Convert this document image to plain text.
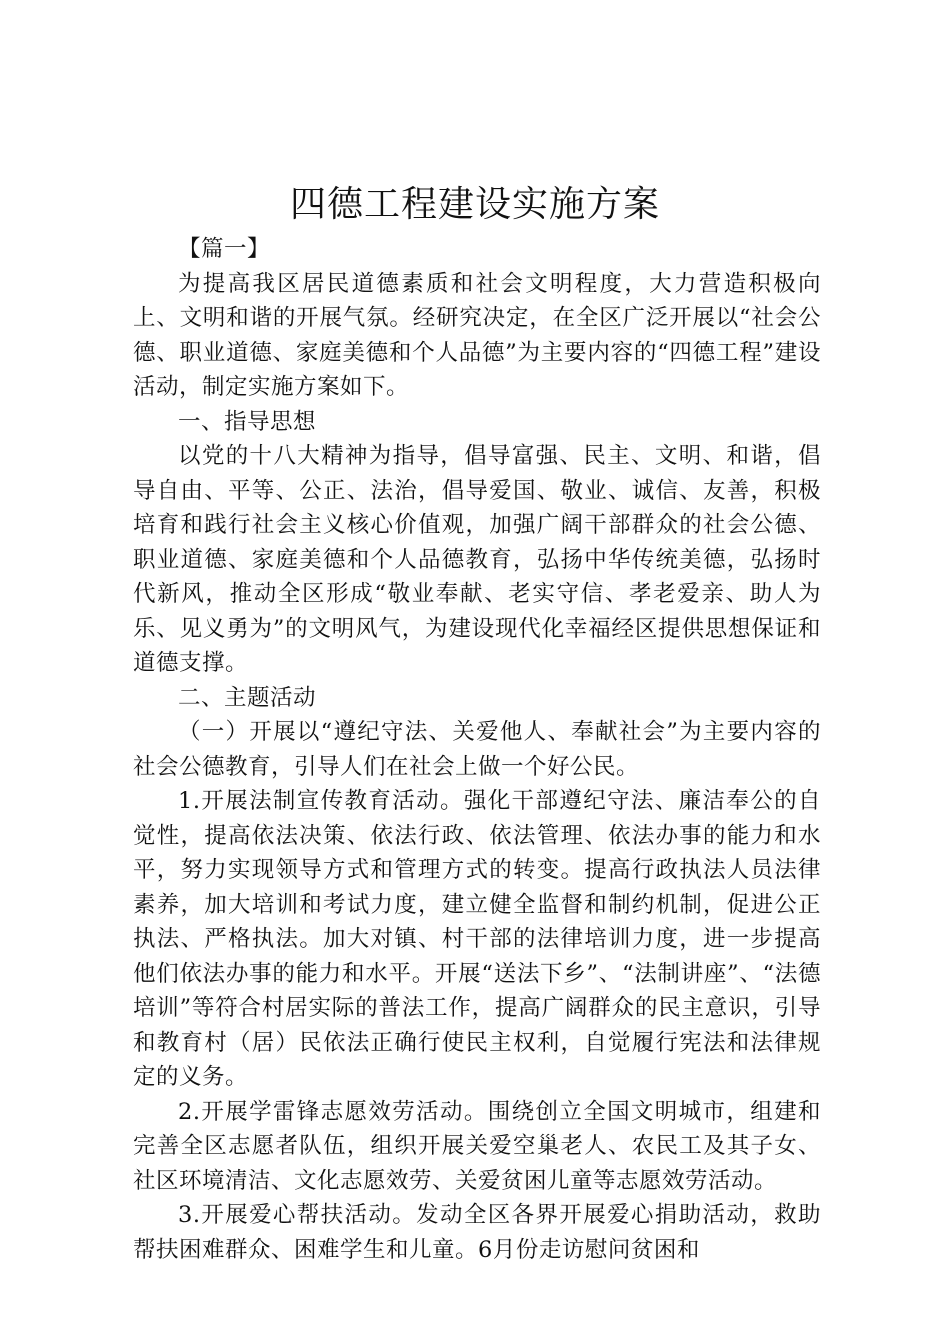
四德工程建设实施方案

【篇一】

为提高我区居民道德素质和社会文明程度，大力营造积极向上、文明和谐的开展气氛。经研究决定，在全区广泛开展以“社会公德、职业道德、家庭美德和个人品德”为主要内容的“四德工程”建设活动，制定实施方案如下。

一、指导思想

以党的十八大精神为指导，倡导富强、民主、文明、和谐，倡导自由、平等、公正、法治，倡导爱国、敬业、诚信、友善，积极培育和践行社会主义核心价值观，加强广阔干部群众的社会公德、职业道德、家庭美德和个人品德教育，弘扬中华传统美德，弘扬时代新风，推动全区形成“敬业奉献、老实守信、孝老爱亲、助人为乐、见义勇为”的文明风气，为建设现代化幸福经区提供思想保证和道德支撑。

二、主题活动

（一）开展以“遵纪守法、关爱他人、奉献社会”为主要内容的社会公德教育，引导人们在社会上做一个好公民。

1.开展法制宣传教育活动。强化干部遵纪守法、廉洁奉公的自觉性，提高依法决策、依法行政、依法管理、依法办事的能力和水平，努力实现领导方式和管理方式的转变。提高行政执法人员法律素养，加大培训和考试力度，建立健全监督和制约机制，促进公正执法、严格执法。加大对镇、村干部的法律培训力度，进一步提高他们依法办事的能力和水平。开展“送法下乡”、“法制讲座”、“法德培训”等符合村居实际的普法工作，提高广阔群众的民主意识，引导和教育村（居）民依法正确行使民主权利，自觉履行宪法和法律规定的义务。

2.开展学雷锋志愿效劳活动。围绕创立全国文明城市，组建和完善全区志愿者队伍，组织开展关爱空巢老人、农民工及其子女、社区环境清洁、文化志愿效劳、关爱贫困儿童等志愿效劳活动。

3.开展爱心帮扶活动。发动全区各界开展爱心捐助活动，救助帮扶困难群众、困难学生和儿童。6月份走访慰问贫困和
